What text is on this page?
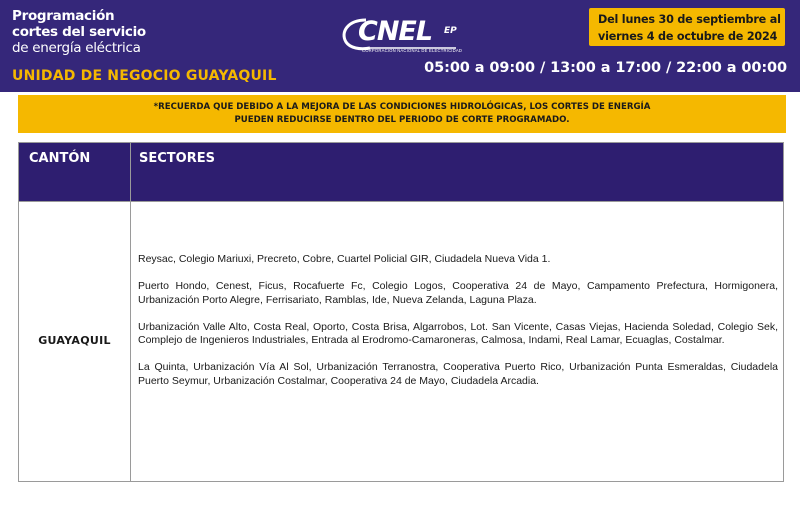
Programación
cortes del servicio
de energía eléctrica
UNIDAD DE NEGOCIO GUAYAQUIL
CNEL EP
CORPORACIÓN NACIONAL DE ELECTRICIDAD
Del lunes 30 de septiembre al
viernes 4 de octubre de 2024
05:00 a 09:00 / 13:00 a 17:00 / 22:00 a 00:00
*RECUERDA QUE DEBIDO A LA MEJORA DE LAS CONDICIONES HIDROLÓGICAS, LOS CORTES DE ENERGÍA
PUEDEN REDUCIRSE DENTRO DEL PERIODO DE CORTE PROGRAMADO.
CANTÓN	SECTORES
GUAYAQUIL

Reysac, Colegio Mariuxi, Precreto, Cobre, Cuartel Policial GIR, Ciudadela Nueva Vida 1.

Puerto Hondo, Cenest, Ficus, Rocafuerte Fc, Colegio Logos, Cooperativa 24 de Mayo, Campamento Prefectura, Hormigonera, Urbanización Porto Alegre, Ferrisariato, Ramblas, Ide, Nueva Zelanda, Laguna Plaza.

Urbanización Valle Alto, Costa Real, Oporto, Costa Brisa, Algarrobos, Lot. San Vicente, Casas Viejas, Hacienda Soledad, Colegio Sek, Complejo de Ingenieros Industriales, Entrada al Erodromo-Camaroneras, Calmosa, Indami, Real Lamar, Ecuaglas, Costalmar.

La Quinta, Urbanización Vía Al Sol, Urbanización Terranostra, Cooperativa Puerto Rico, Urbanización Punta Esmeraldas, Ciudadela Puerto Seymur, Urbanización Costalmar, Cooperativa 24 de Mayo, Ciudadela Arcadia.
